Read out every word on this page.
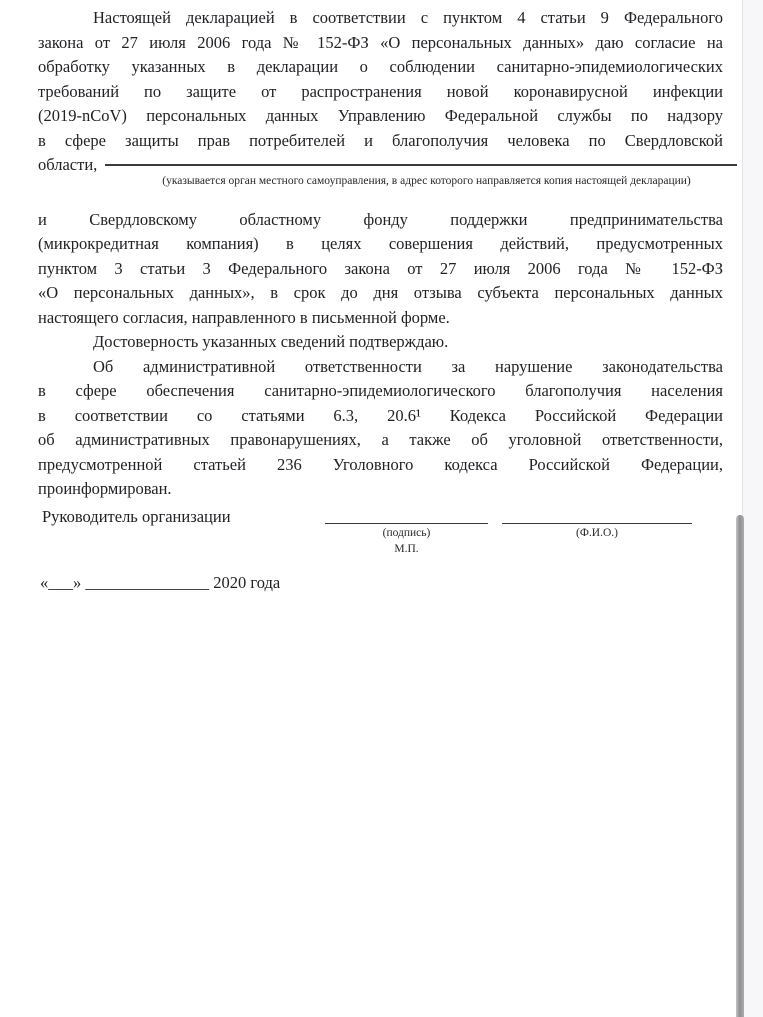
Настоящей декларацией в соответствии с пунктом 4 статьи 9 Федерального
закона от 27 июля 2006 года № 152-ФЗ «О персональных данных» даю согласие на
обработку указанных в декларации о соблюдении санитарно-эпидемиологических
требований по защите от распространения новой коронавирусной инфекции
(2019-nCoV) персональных данных Управлению Федеральной службы по надзору
в сфере защиты прав потребителей и благополучия человека по Свердловской
области,
(указывается орган местного самоуправления, в адрес которого направляется копия настоящей декларации)
и Свердловскому областному фонду поддержки предпринимательства
(микрокредитная компания) в целях совершения действий, предусмотренных
пунктом 3 статьи 3 Федерального закона от 27 июля 2006 года № 152-ФЗ
«О персональных данных», в срок до дня отзыва субъекта персональных данных
настоящего согласия, направленного в письменной форме.
Достоверность указанных сведений подтверждаю.
Об административной ответственности за нарушение законодательства
в сфере обеспечения санитарно-эпидемиологического благополучия населения
в соответствии со статьями 6.3, 20.6¹ Кодекса Российской Федерации
об административных правонарушениях, а также об уголовной ответственности,
предусмотренной статьей 236 Уголовного кодекса Российской Федерации,
проинформирован.
Руководитель организации
(подпись)
М.П.
(Ф.И.О.)
«___» _______________ 2020 года
